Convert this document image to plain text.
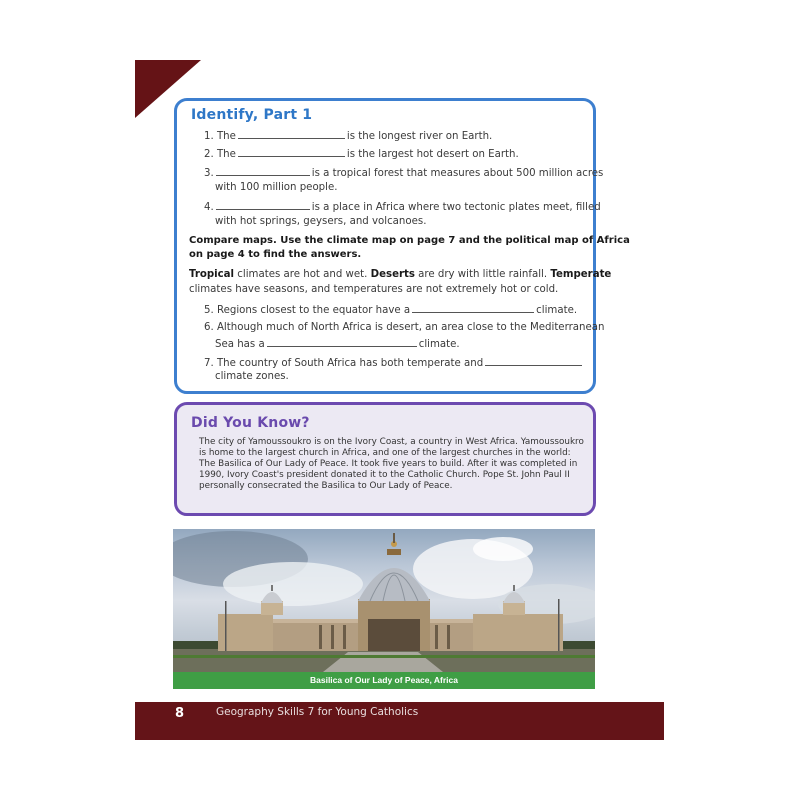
Identify, Part 1
1. The	is the longest river on Earth.
2. The	is the largest hot desert on Earth.
3.	is a tropical forest that measures about 500 million acres
with 100 million people.
4.	is a place in Africa where two tectonic plates meet, filled
with hot springs, geysers, and volcanoes.
Compare maps. Use the climate map on page 7 and the political map of Africa
on page 4 to find the answers.
Tropical climates are hot and wet. Deserts are dry with little rainfall. Temperate
climates have seasons, and temperatures are not extremely hot or cold.
5. Regions closest to the equator have a	climate.
6. Although much of North Africa is desert, an area close to the Mediterranean
Sea has a	climate.
7. The country of South Africa has both temperate and
climate zones.
Did You Know?
The city of Yamoussoukro is on the Ivory Coast, a country in West Africa. Yamoussoukro is home to the largest church in Africa, and one of the largest churches in the world: The Basilica of Our Lady of Peace. It took five years to build. After it was completed in 1990, Ivory Coast's president donated it to the Catholic Church. Pope St. John Paul II personally consecrated the Basilica to Our Lady of Peace.
Basilica of Our Lady of Peace, Africa
8	Geography Skills 7 for Young Catholics
